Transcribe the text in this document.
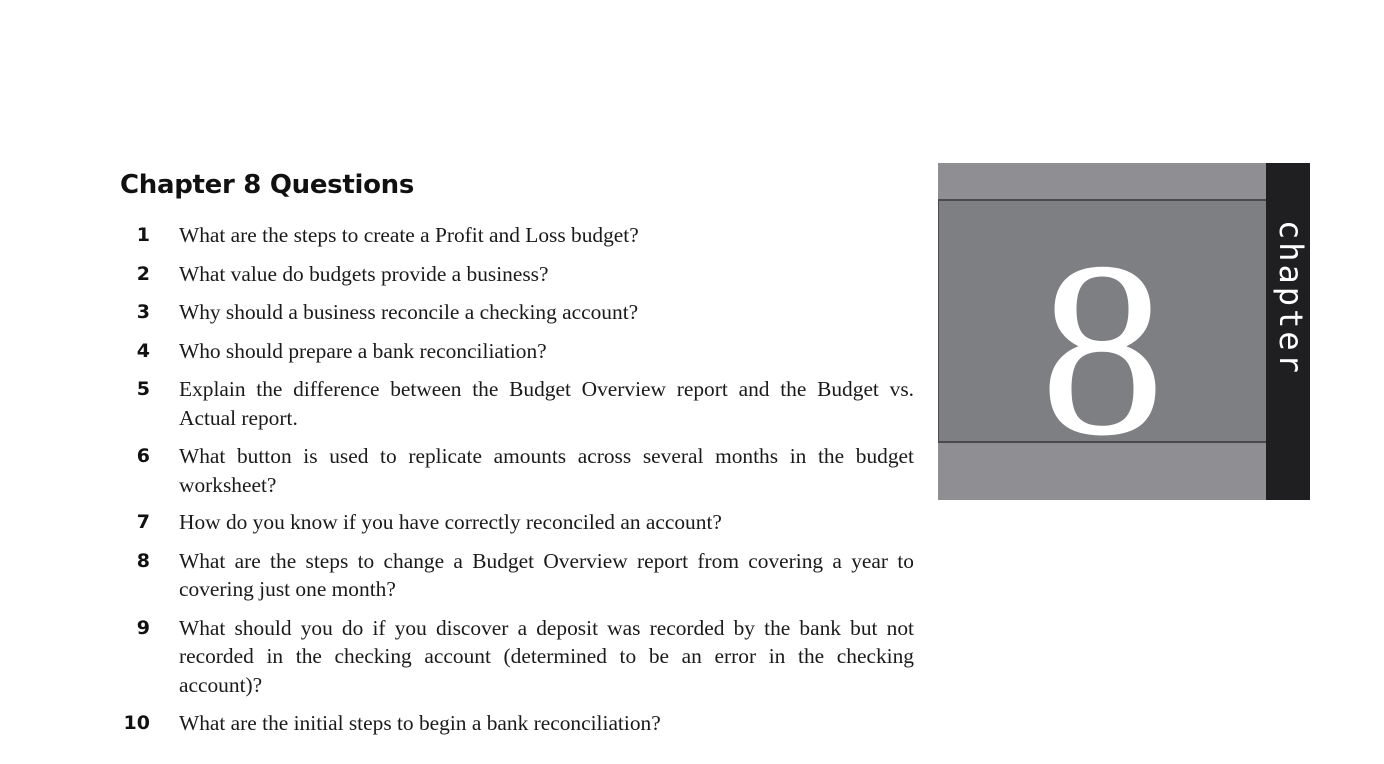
Chapter 8 Questions
1 What are the steps to create a Profit and Loss budget?
2 What value do budgets provide a business?
3 Why should a business reconcile a checking account?
4 Who should prepare a bank reconciliation?
5 Explain the difference between the Budget Overview report and the Budget vs. Actual report.
6 What button is used to replicate amounts across several months in the budget worksheet?
7 How do you know if you have correctly reconciled an account?
8 What are the steps to change a Budget Overview report from covering a year to covering just one month?
9 What should you do if you discover a deposit was recorded by the bank but not recorded in the checking account (determined to be an error in the checking account)?
10 What are the initial steps to begin a bank reconciliation?
8	chapter
